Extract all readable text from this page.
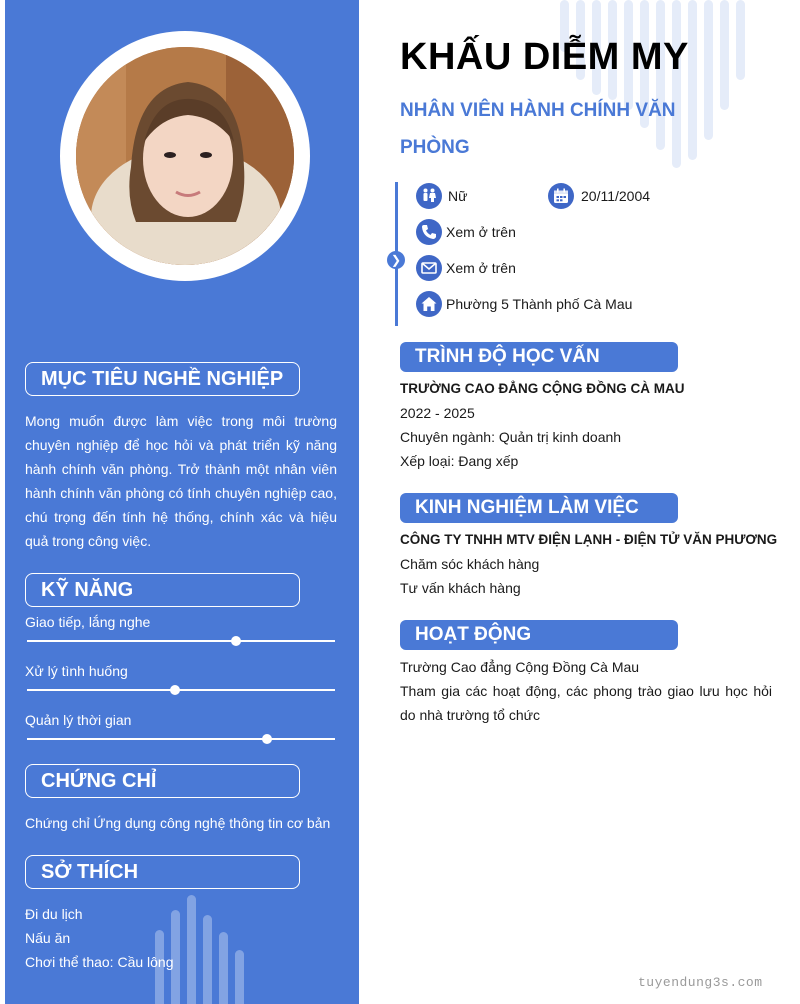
MỤC TIÊU NGHỀ NGHIỆP
Mong muốn được làm việc trong môi trường chuyên nghiệp để học hỏi và phát triển kỹ năng hành chính văn phòng. Trở thành một nhân viên hành chính văn phòng có tính chuyên nghiệp cao, chú trọng đến tính hệ thống, chính xác và hiệu quả trong công việc.
KỸ NĂNG
Giao tiếp, lắng nghe
Xử lý tình huống
Quản lý thời gian
CHỨNG CHỈ
Chứng chỉ Ứng dụng công nghệ thông tin cơ bản
SỞ THÍCH
Đi du lịch
Nấu ăn
Chơi thể thao: Cầu lông
KHẤU DIỄM MY
NHÂN VIÊN HÀNH CHÍNH VĂN PHÒNG
❯
Nữ	20/11/2004
Xem ở trên
Xem ở trên
Phường 5 Thành phố Cà Mau
TRÌNH ĐỘ HỌC VẤN
TRƯỜNG CAO ĐẲNG CỘNG ĐỒNG CÀ MAU
2022 - 2025
Chuyên ngành: Quản trị kinh doanh
Xếp loại: Đang xếp
KINH NGHIỆM LÀM VIỆC
CÔNG TY TNHH MTV ĐIỆN LẠNH - ĐIỆN TỬ VĂN PHƯƠNG
Chăm sóc khách hàng
Tư vấn khách hàng
HOẠT ĐỘNG
Trường Cao đẳng Cộng Đồng Cà Mau
Tham gia các hoạt động, các phong trào giao lưu học hỏi do nhà trường tổ chức
tuyendung3s.com
